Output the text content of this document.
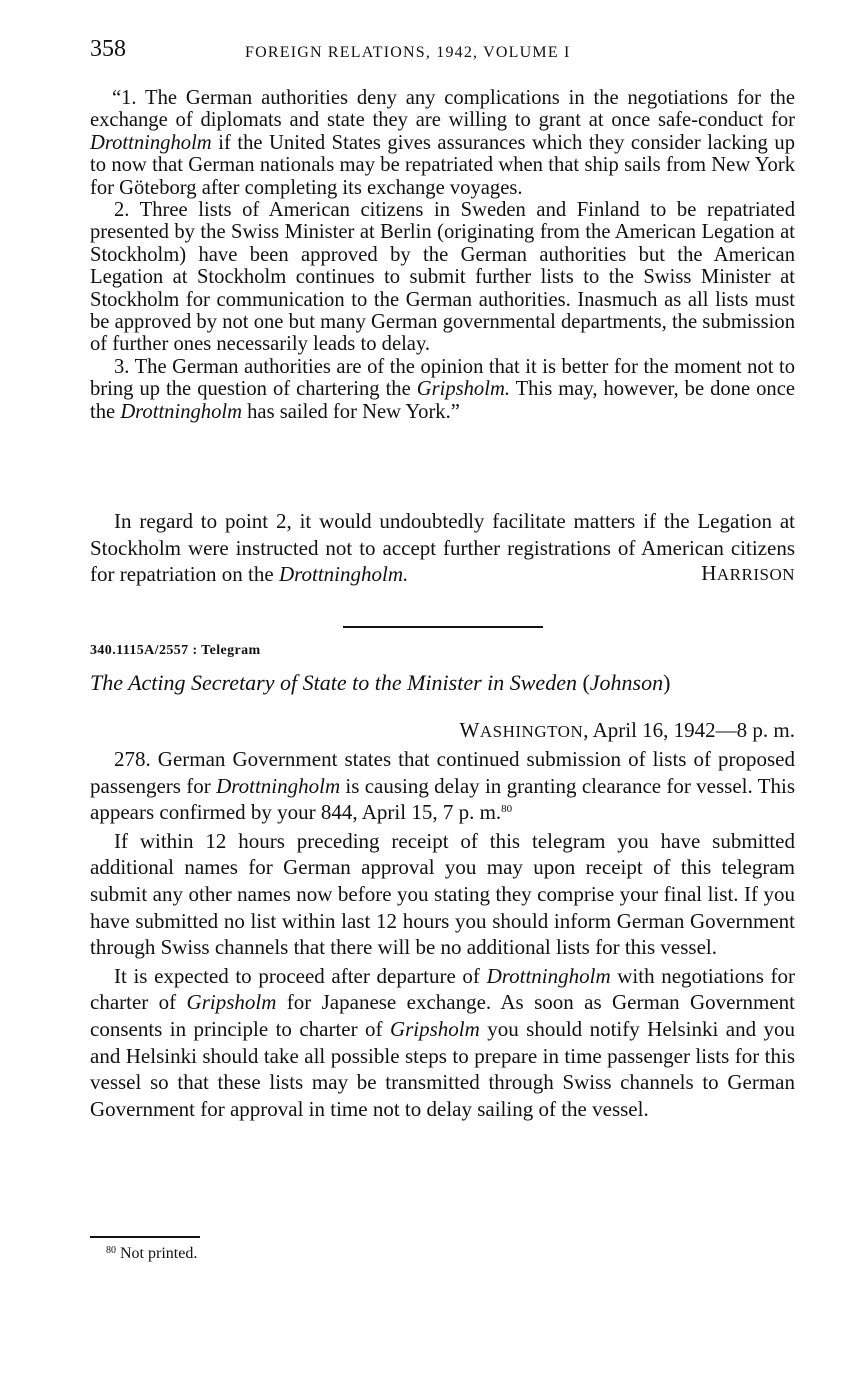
358	FOREIGN RELATIONS, 1942, VOLUME I

“1. The German authorities deny any complications in the negotiations for the exchange of diplomats and state they are willing to grant at once safe-conduct for Drottningholm if the United States gives assurances which they consider lacking up to now that German nationals may be repatriated when that ship sails from New York for Göteborg after completing its exchange voyages.

2. Three lists of American citizens in Sweden and Finland to be repatriated presented by the Swiss Minister at Berlin (originating from the American Legation at Stockholm) have been approved by the German authorities but the American Legation at Stockholm continues to submit further lists to the Swiss Minister at Stockholm for communication to the German authorities. Inasmuch as all lists must be approved by not one but many German governmental departments, the submission of further ones necessarily leads to delay.

3. The German authorities are of the opinion that it is better for the moment not to bring up the question of chartering the Gripsholm. This may, however, be done once the Drottningholm has sailed for New York.”

In regard to point 2, it would undoubtedly facilitate matters if the Legation at Stockholm were instructed not to accept further registrations of American citizens for repatriation on the Drottningholm.	HARRISON
340.1115A/2557 : Telegram
The Acting Secretary of State to the Minister in Sweden (Johnson)
WASHINGTON, April 16, 1942—8 p. m.

278. German Government states that continued submission of lists of proposed passengers for Drottningholm is causing delay in granting clearance for vessel. This appears confirmed by your 844, April 15, 7 p. m.$^{80}$

If within 12 hours preceding receipt of this telegram you have submitted additional names for German approval you may upon receipt of this telegram submit any other names now before you stating they comprise your final list. If you have submitted no list within last 12 hours you should inform German Government through Swiss channels that there will be no additional lists for this vessel.

It is expected to proceed after departure of Drottningholm with negotiations for charter of Gripsholm for Japanese exchange. As soon as German Government consents in principle to charter of Gripsholm you should notify Helsinki and you and Helsinki should take all possible steps to prepare in time passenger lists for this vessel so that these lists may be transmitted through Swiss channels to German Government for approval in time not to delay sailing of the vessel.

$^{80}$ Not printed.
